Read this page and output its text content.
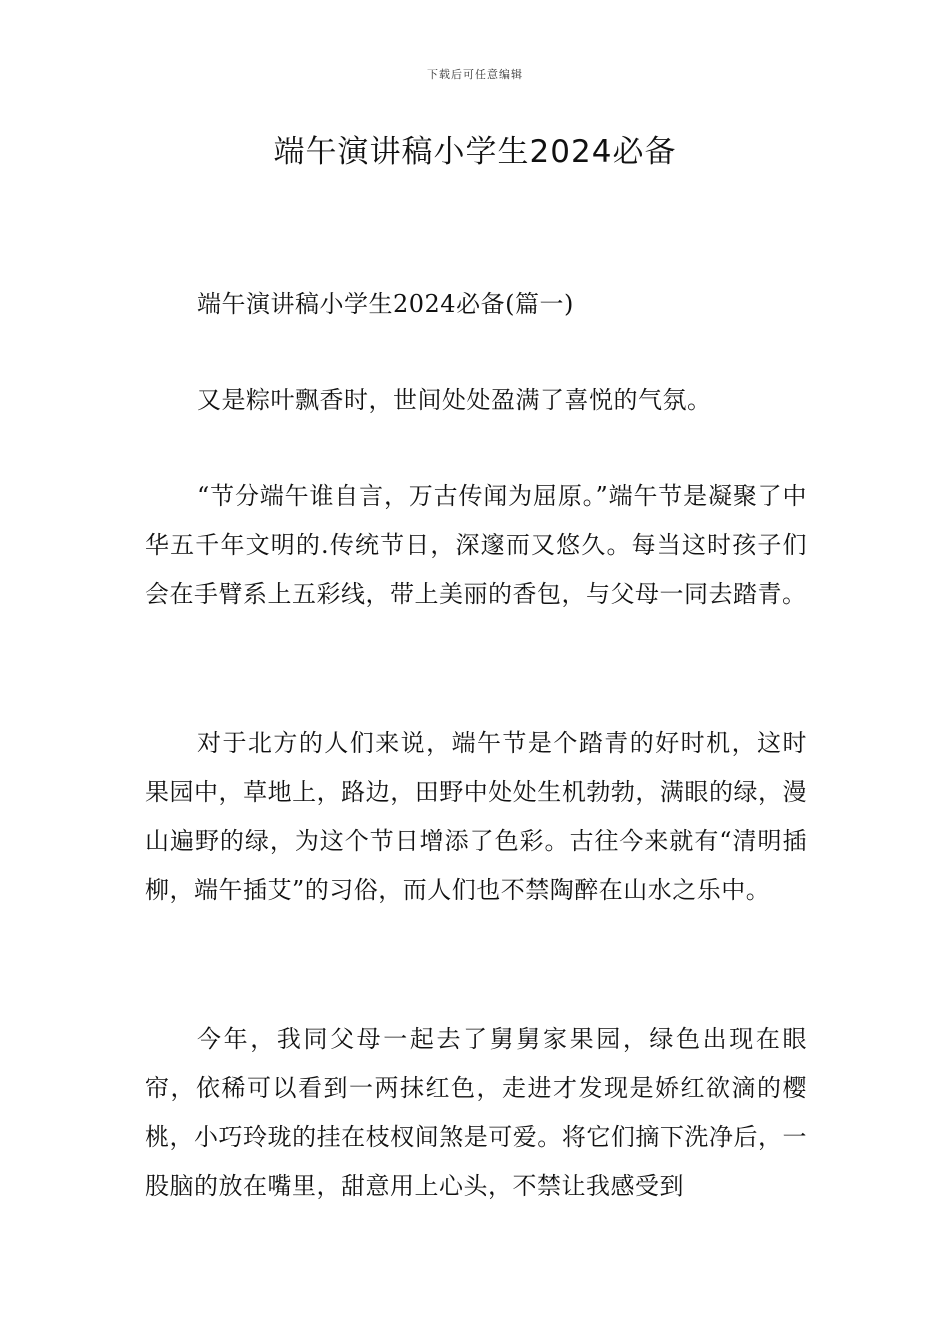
下载后可任意编辑
端午演讲稿小学生2024必备
端午演讲稿小学生2024必备(篇一)
又是粽叶飘香时，世间处处盈满了喜悦的气氛。
“节分端午谁自言，万古传闻为屈原。”端午节是凝聚了中华五千年文明的.传统节日，深邃而又悠久。每当这时孩子们会在手臂系上五彩线，带上美丽的香包，与父母一同去踏青。
对于北方的人们来说，端午节是个踏青的好时机，这时果园中，草地上，路边，田野中处处生机勃勃，满眼的绿，漫山遍野的绿，为这个节日增添了色彩。古往今来就有“清明插柳，端午插艾”的习俗，而人们也不禁陶醉在山水之乐中。
今年，我同父母一起去了舅舅家果园，绿色出现在眼帘，依稀可以看到一两抹红色，走进才发现是娇红欲滴的樱桃，小巧玲珑的挂在枝杈间煞是可爱。将它们摘下洗净后，一股脑的放在嘴里，甜意用上心头，不禁让我感受到
